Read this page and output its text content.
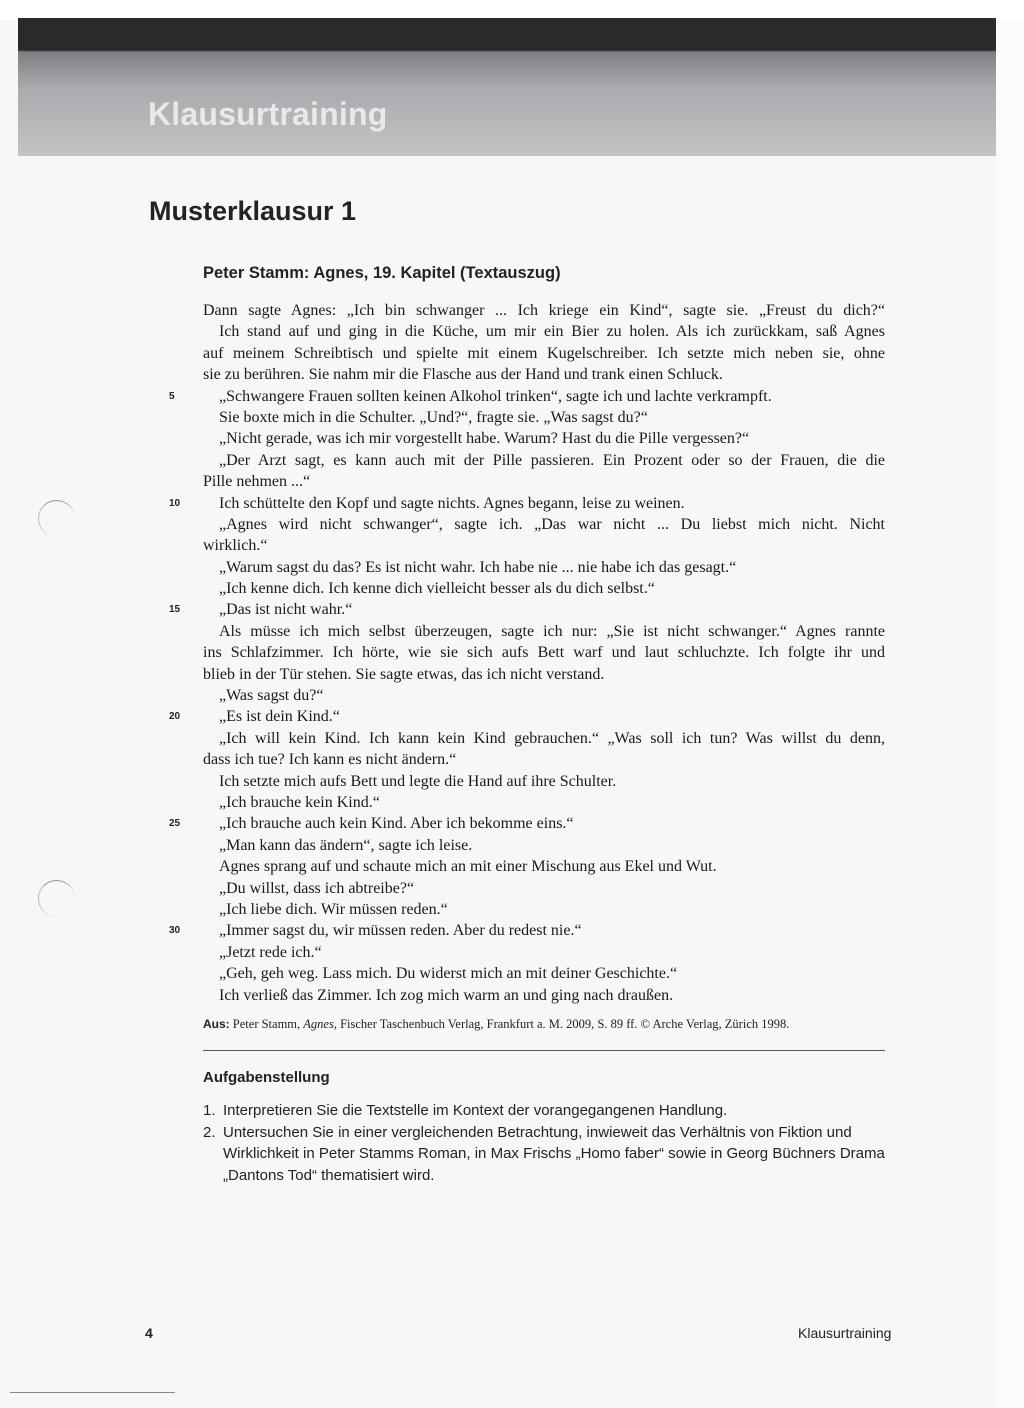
Klausurtraining
Musterklausur 1
Peter Stamm: Agnes, 19. Kapitel (Textauszug)
Dann sagte Agnes: „Ich bin schwanger ... Ich kriege ein Kind“, sagte sie. „Freust du dich?“
Ich stand auf und ging in die Küche, um mir ein Bier zu holen. Als ich zurückkam, saß Agnes
auf meinem Schreibtisch und spielte mit einem Kugelschreiber. Ich setzte mich neben sie, ohne
sie zu berühren. Sie nahm mir die Flasche aus der Hand und trank einen Schluck.
5	„Schwangere Frauen sollten keinen Alkohol trinken“, sagte ich und lachte verkrampft.
Sie boxte mich in die Schulter. „Und?“, fragte sie. „Was sagst du?“
„Nicht gerade, was ich mir vorgestellt habe. Warum? Hast du die Pille vergessen?“
„Der Arzt sagt, es kann auch mit der Pille passieren. Ein Prozent oder so der Frauen, die die
Pille nehmen ...“
10	Ich schüttelte den Kopf und sagte nichts. Agnes begann, leise zu weinen.
„Agnes wird nicht schwanger“, sagte ich. „Das war nicht ... Du liebst mich nicht. Nicht
wirklich.“
„Warum sagst du das? Es ist nicht wahr. Ich habe nie ... nie habe ich das gesagt.“
„Ich kenne dich. Ich kenne dich vielleicht besser als du dich selbst.“
15	„Das ist nicht wahr.“
Als müsse ich mich selbst überzeugen, sagte ich nur: „Sie ist nicht schwanger.“ Agnes rannte
ins Schlafzimmer. Ich hörte, wie sie sich aufs Bett warf und laut schluchzte. Ich folgte ihr und
blieb in der Tür stehen. Sie sagte etwas, das ich nicht verstand.
„Was sagst du?“
20	„Es ist dein Kind.“
„Ich will kein Kind. Ich kann kein Kind gebrauchen.“ „Was soll ich tun? Was willst du denn,
dass ich tue? Ich kann es nicht ändern.“
Ich setzte mich aufs Bett und legte die Hand auf ihre Schulter.
„Ich brauche kein Kind.“
25	„Ich brauche auch kein Kind. Aber ich bekomme eins.“
„Man kann das ändern“, sagte ich leise.
Agnes sprang auf und schaute mich an mit einer Mischung aus Ekel und Wut.
„Du willst, dass ich abtreibe?“
„Ich liebe dich. Wir müssen reden.“
30	„Immer sagst du, wir müssen reden. Aber du redest nie.“
„Jetzt rede ich.“
„Geh, geh weg. Lass mich. Du widerst mich an mit deiner Geschichte.“
Ich verließ das Zimmer. Ich zog mich warm an und ging nach draußen.
Aus: Peter Stamm, Agnes, Fischer Taschenbuch Verlag, Frankfurt a. M. 2009, S. 89 ff. © Arche Verlag, Zürich 1998.
Aufgabenstellung
1. Interpretieren Sie die Textstelle im Kontext der vorangegangenen Handlung.
2. Untersuchen Sie in einer vergleichenden Betrachtung, inwieweit das Verhältnis von Fiktion und Wirklichkeit in Peter Stamms Roman, in Max Frischs „Homo faber“ sowie in Georg Büchners Drama „Dantons Tod“ thematisiert wird.
4	Klausurtraining
